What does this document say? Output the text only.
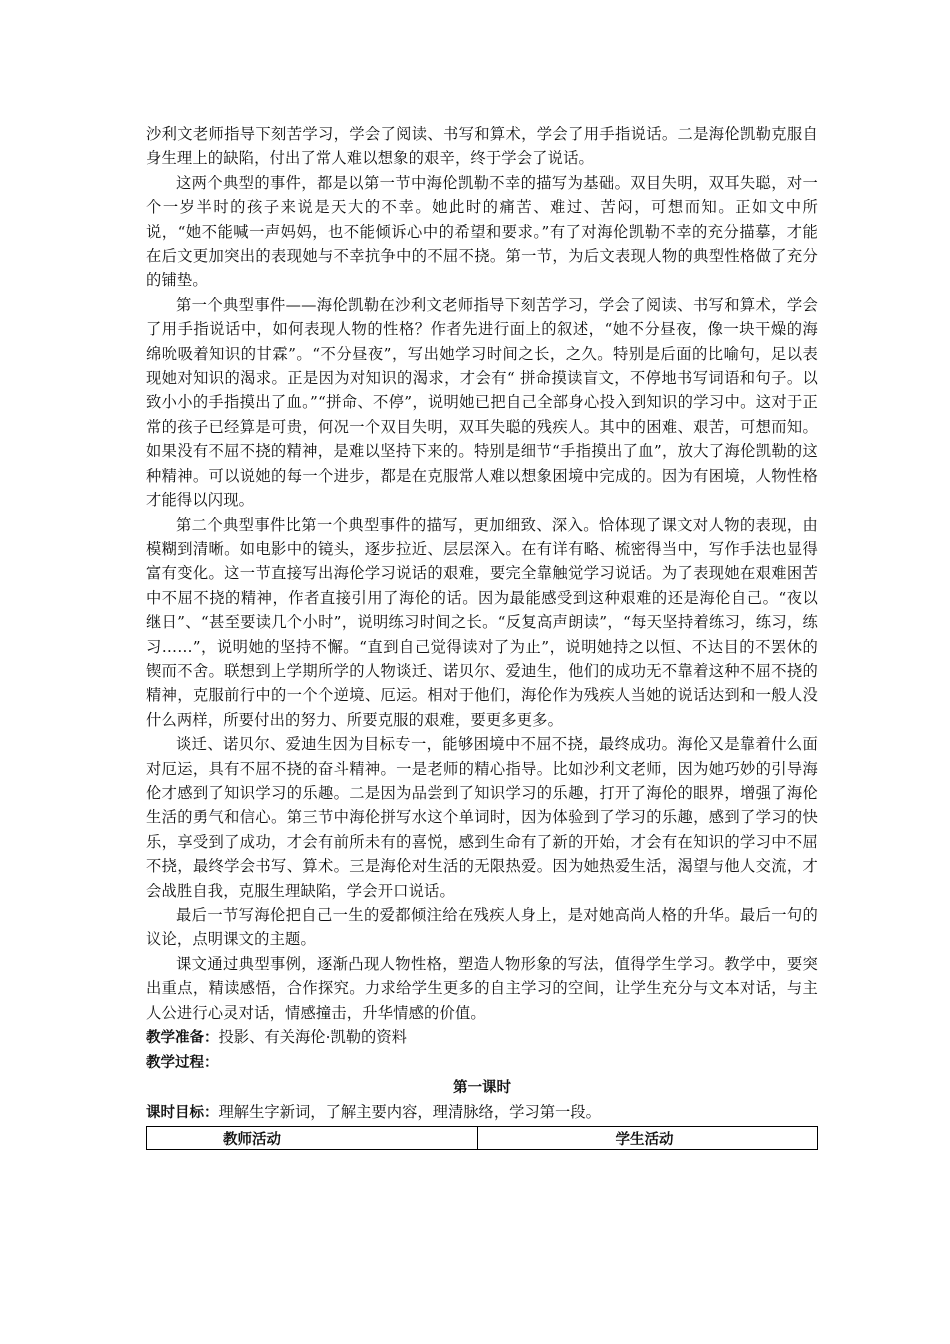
沙利文老师指导下刻苦学习，学会了阅读、书写和算术，学会了用手指说话。二是海伦凯勒克服自身生理上的缺陷，付出了常人难以想象的艰辛，终于学会了说话。

这两个典型的事件，都是以第一节中海伦凯勒不幸的描写为基础。双目失明，双耳失聪，对一个一岁半时的孩子来说是天大的不幸。她此时的痛苦、难过、苦闷，可想而知。正如文中所说，“她不能喊一声妈妈，也不能倾诉心中的希望和要求。”有了对海伦凯勒不幸的充分描摹，才能在后文更加突出的表现她与不幸抗争中的不屈不挠。第一节，为后文表现人物的典型性格做了充分的铺垫。

第一个典型事件——海伦凯勒在沙利文老师指导下刻苦学习，学会了阅读、书写和算术，学会了用手指说话中，如何表现人物的性格？作者先进行面上的叙述，“她不分昼夜，像一块干燥的海绵吮吸着知识的甘霖”。“不分昼夜”，写出她学习时间之长，之久。特别是后面的比喻句，足以表现她对知识的渴求。正是因为对知识的渴求，才会有“ 拼命摸读盲文，不停地书写词语和句子。以致小小的手指摸出了血。”“拼命、不停”，说明她已把自己全部身心投入到知识的学习中。这对于正常的孩子已经算是可贵，何况一个双目失明，双耳失聪的残疾人。其中的困难、艰苦，可想而知。如果没有不屈不挠的精神，是难以坚持下来的。特别是细节“手指摸出了血”，放大了海伦凯勒的这种精神。可以说她的每一个进步，都是在克服常人难以想象困境中完成的。因为有困境，人物性格才能得以闪现。

第二个典型事件比第一个典型事件的描写，更加细致、深入。恰体现了课文对人物的表现，由模糊到清晰。如电影中的镜头，逐步拉近、层层深入。在有详有略、梳密得当中，写作手法也显得富有变化。这一节直接写出海伦学习说话的艰难，要完全靠触觉学习说话。为了表现她在艰难困苦中不屈不挠的精神，作者直接引用了海伦的话。因为最能感受到这种艰难的还是海伦自己。“夜以继日”、“甚至要读几个小时”，说明练习时间之长。“反复高声朗读”，“每天坚持着练习，练习，练习……”，说明她的坚持不懈。“直到自己觉得读对了为止”，说明她持之以恒、不达目的不罢休的锲而不舍。联想到上学期所学的人物谈迁、诺贝尔、爱迪生，他们的成功无不靠着这种不屈不挠的精神，克服前行中的一个个逆境、厄运。相对于他们，海伦作为残疾人当她的说话达到和一般人没什么两样，所要付出的努力、所要克服的艰难，要更多更多。

谈迁、诺贝尔、爱迪生因为目标专一，能够困境中不屈不挠，最终成功。海伦又是靠着什么面对厄运，具有不屈不挠的奋斗精神。一是老师的精心指导。比如沙利文老师，因为她巧妙的引导海伦才感到了知识学习的乐趣。二是因为品尝到了知识学习的乐趣，打开了海伦的眼界，增强了海伦生活的勇气和信心。第三节中海伦拼写水这个单词时，因为体验到了学习的乐趣，感到了学习的快乐，享受到了成功，才会有前所未有的喜悦，感到生命有了新的开始，才会有在知识的学习中不屈不挠，最终学会书写、算术。三是海伦对生活的无限热爱。因为她热爱生活，渴望与他人交流，才会战胜自我，克服生理缺陷，学会开口说话。

最后一节写海伦把自己一生的爱都倾注给在残疾人身上，是对她高尚人格的升华。最后一句的议论，点明课文的主题。

课文通过典型事例，逐渐凸现人物性格，塑造人物形象的写法，值得学生学习。教学中，要突出重点，精读感悟，合作探究。力求给学生更多的自主学习的空间，让学生充分与文本对话，与主人公进行心灵对话，情感撞击，升华情感的价值。

教学准备：投影、有关海伦·凯勒的资料

教学过程：

第一课时

课时目标：理解生字新词，了解主要内容，理清脉络，学习第一段。

教师活动	学生活动
